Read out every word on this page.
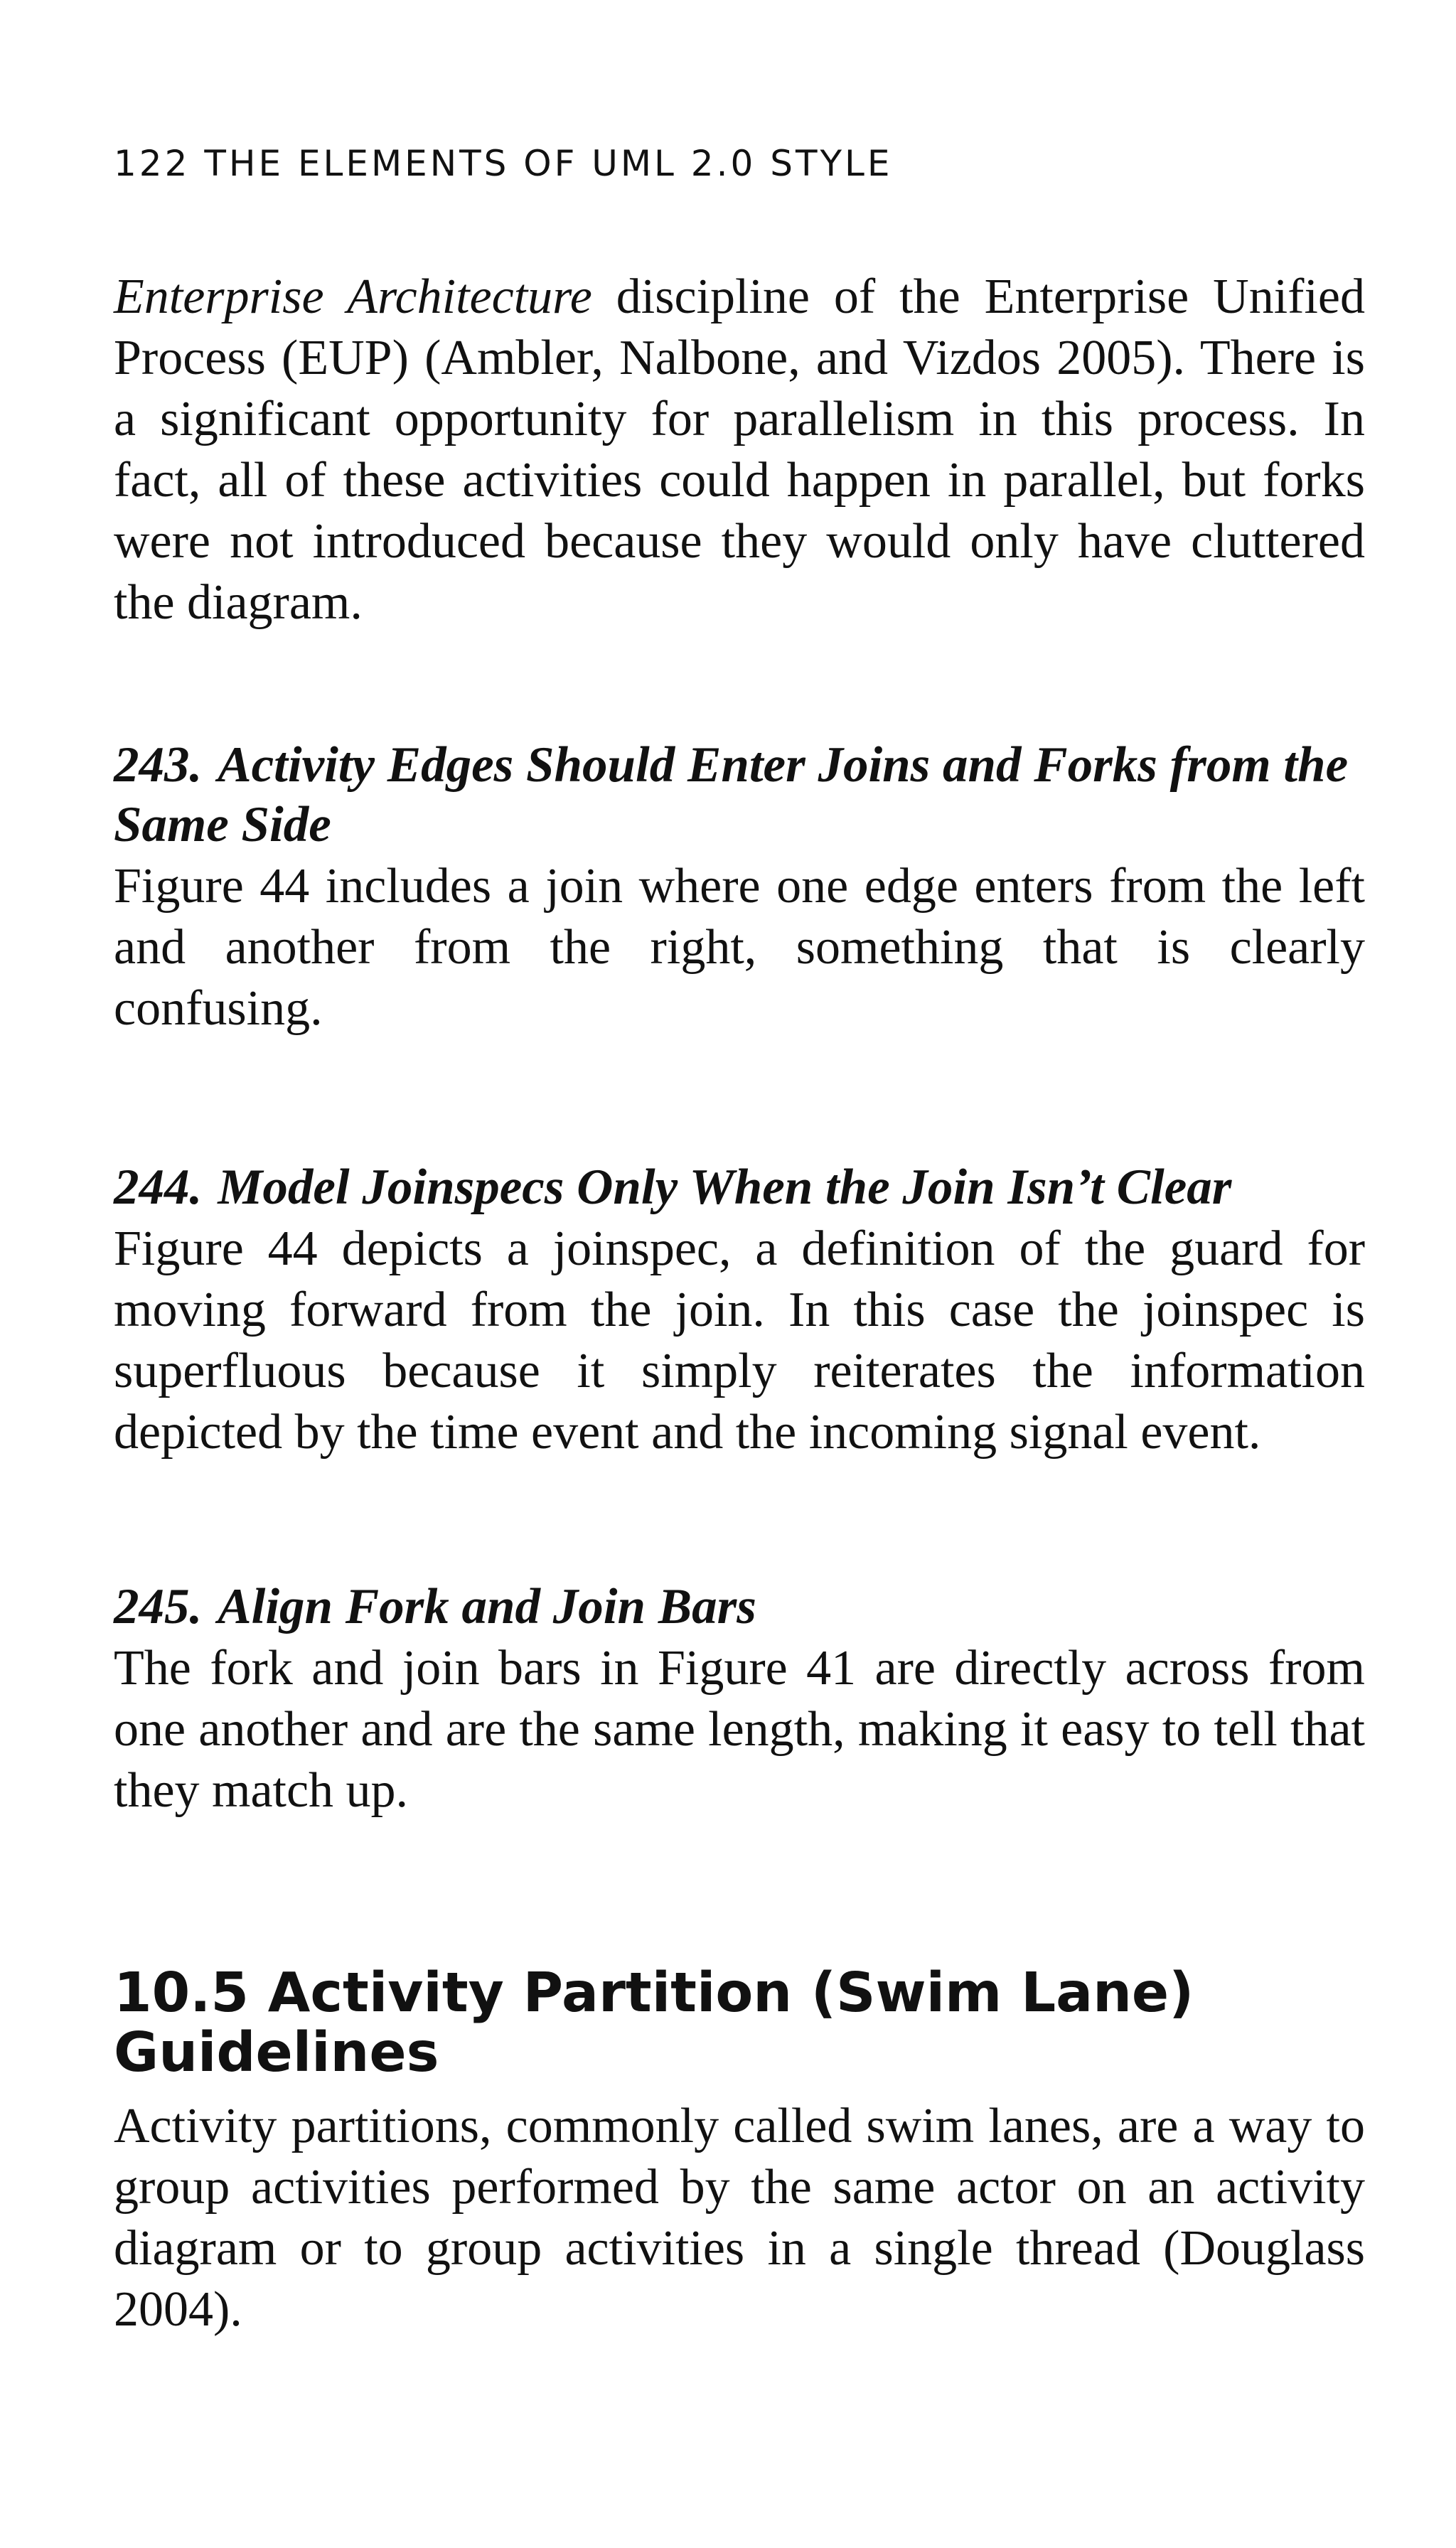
122 THE ELEMENTS OF UML 2.0 STYLE

Enterprise Architecture discipline of the Enterprise Unified Process (EUP) (Ambler, Nalbone, and Vizdos 2005). There is a significant opportunity for parallelism in this process. In fact, all of these activities could happen in parallel, but forks were not introduced because they would only have cluttered the diagram.

243. Activity Edges Should Enter Joins and Forks from the Same Side

Figure 44 includes a join where one edge enters from the left and another from the right, something that is clearly confusing.

244. Model Joinspecs Only When the Join Isn’t Clear

Figure 44 depicts a joinspec, a definition of the guard for moving forward from the join. In this case the joinspec is superfluous because it simply reiterates the information depicted by the time event and the incoming signal event.

245. Align Fork and Join Bars

The fork and join bars in Figure 41 are directly across from one another and are the same length, making it easy to tell that they match up.

10.5 Activity Partition (Swim Lane) Guidelines

Activity partitions, commonly called swim lanes, are a way to group activities performed by the same actor on an activity diagram or to group activities in a single thread (Douglass 2004).
